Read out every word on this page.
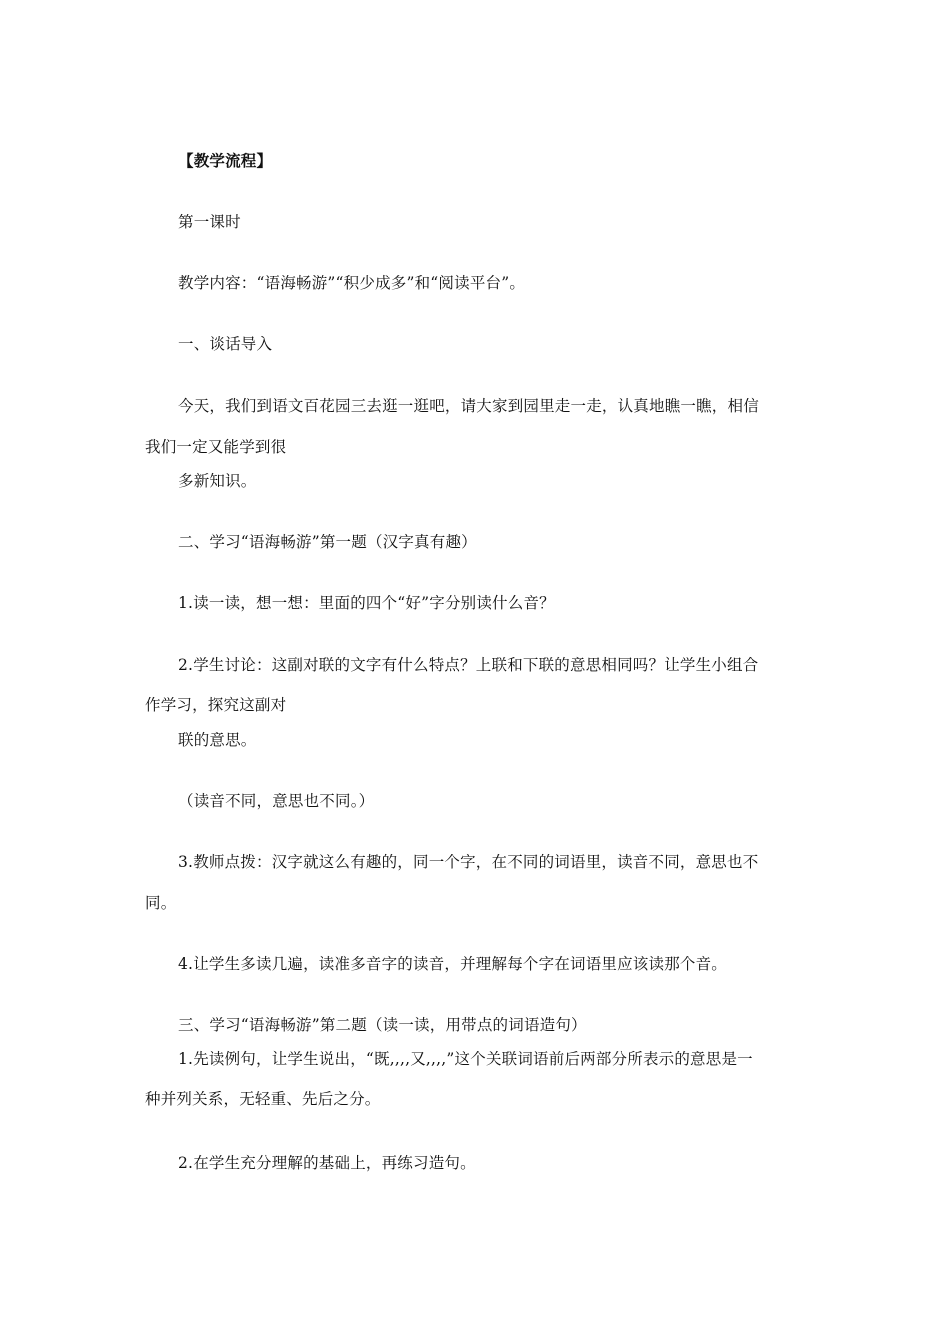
【教学流程】
第一课时
教学内容：“语海畅游”“积少成多”和“阅读平台”。
一、谈话导入
今天，我们到语文百花园三去逛一逛吧，请大家到园里走一走，认真地瞧一瞧，相信
我们一定又能学到很
多新知识。
二、学习“语海畅游”第一题（汉字真有趣）
1.读一读，想一想：里面的四个“好”字分别读什么音？
2.学生讨论：这副对联的文字有什么特点？上联和下联的意思相同吗？让学生小组合
作学习，探究这副对
联的意思。
（读音不同，意思也不同。）
3.教师点拨：汉字就这么有趣的，同一个字，在不同的词语里，读音不同，意思也不
同。
4.让学生多读几遍，读准多音字的读音，并理解每个字在词语里应该读那个音。
三、学习“语海畅游”第二题（读一读，用带点的词语造句）
1.先读例句，让学生说出，“既,,,,又,,,,”这个关联词语前后两部分所表示的意思是一
种并列关系，无轻重、先后之分。
2.在学生充分理解的基础上，再练习造句。
